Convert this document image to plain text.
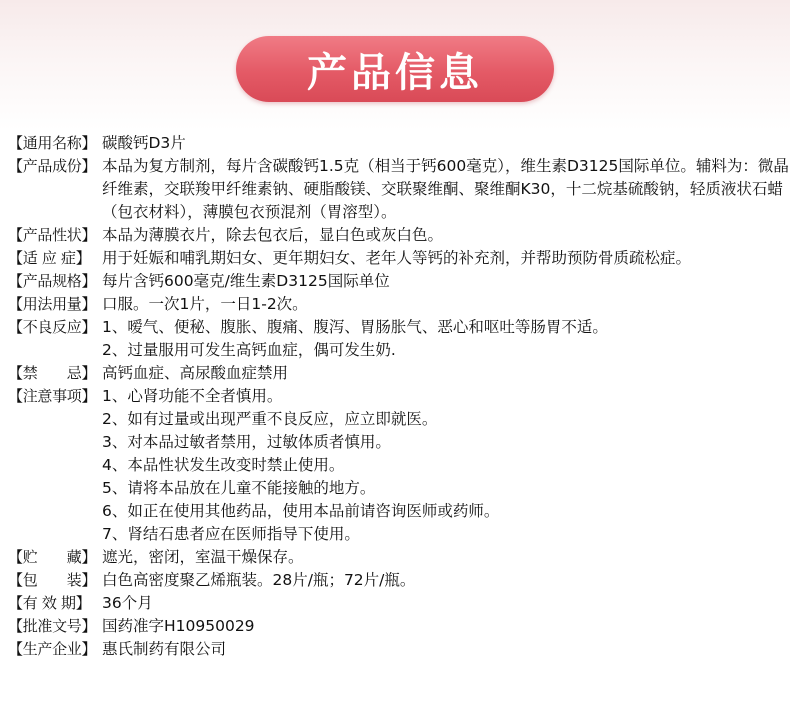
产品信息
【通用名称】 碳酸钙D3片
【产品成份】 本品为复方制剂，每片含碳酸钙1.5克（相当于钙600毫克），维生素D3125国际单位。辅料为：微晶纤维素，交联羧甲纤维素钠、硬脂酸镁、交联聚维酮、聚维酮K30，十二烷基硫酸钠，轻质液状石蜡（包衣材料），薄膜包衣预混剂（胃溶型）。
【产品性状】 本品为薄膜衣片，除去包衣后，显白色或灰白色。
【适 应 症】 用于妊娠和哺乳期妇女、更年期妇女、老年人等钙的补充剂，并帮助预防骨质疏松症。
【产品规格】 每片含钙600毫克/维生素D3125国际单位
【用法用量】 口服。一次1片，一日1-2次。
【不良反应】 1、嗳气、便秘、腹胀、腹痛、腹泻、胃肠胀气、恶心和呕吐等肠胃不适。
2、过量服用可发生高钙血症，偶可发生奶.
【禁　　忌】 高钙血症、高尿酸血症禁用
【注意事项】 1、心肾功能不全者慎用。
2、如有过量或出现严重不良反应，应立即就医。
3、对本品过敏者禁用，过敏体质者慎用。
4、本品性状发生改变时禁止使用。
5、请将本品放在儿童不能接触的地方。
6、如正在使用其他药品，使用本品前请咨询医师或药师。
7、肾结石患者应在医师指导下使用。
【贮　　藏】 遮光，密闭，室温干燥保存。
【包　　装】 白色高密度聚乙烯瓶装。28片/瓶；72片/瓶。
【有 效 期】 36个月
【批准文号】 国药准字H10950029
【生产企业】 惠氏制药有限公司
